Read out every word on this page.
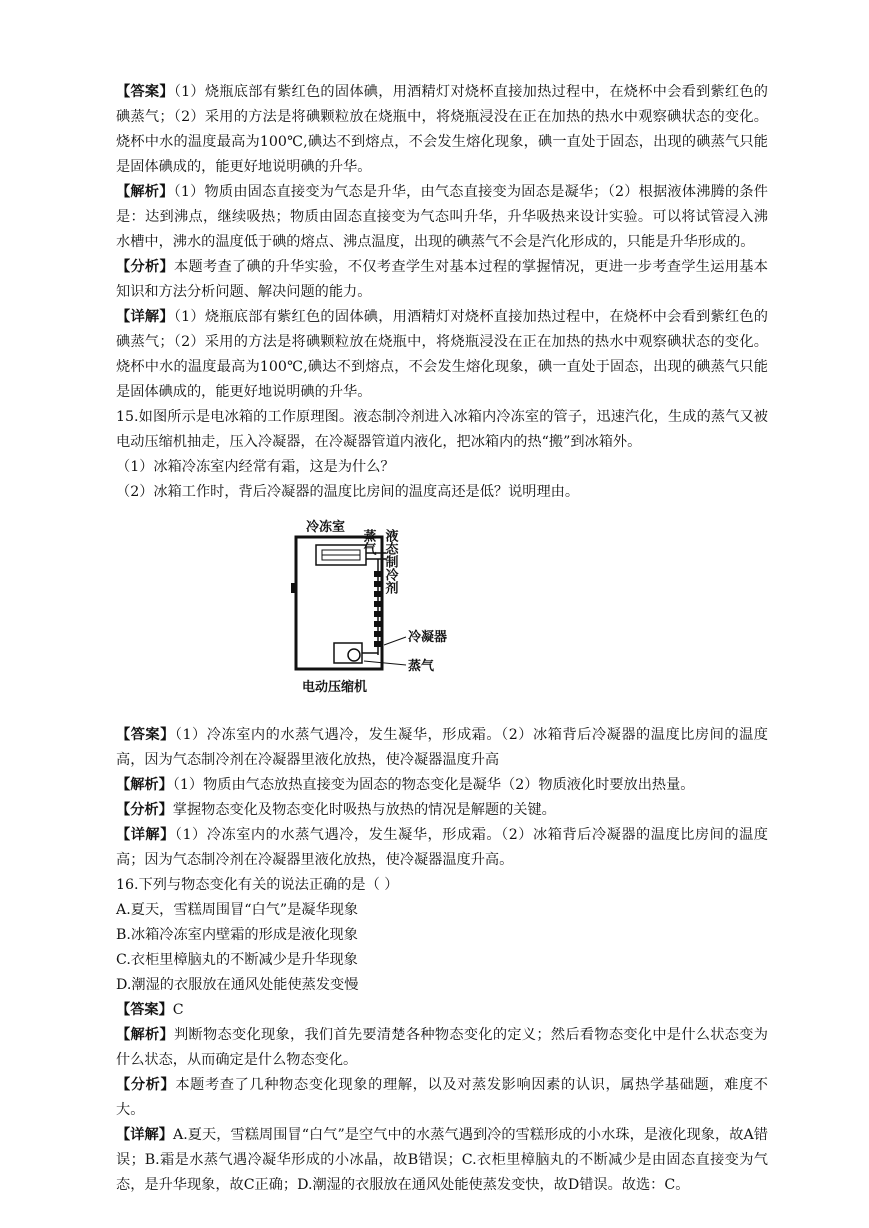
【答案】（1）烧瓶底部有紫红色的固体碘，用酒精灯对烧杯直接加热过程中，在烧杯中会看到紫红色的碘蒸气；（2）采用的方法是将碘颗粒放在烧瓶中，将烧瓶浸没在正在加热的热水中观察碘状态的变化。烧杯中水的温度最高为100℃,碘达不到熔点，不会发生熔化现象，碘一直处于固态，出现的碘蒸气只能是固体碘成的，能更好地说明碘的升华。

【解析】（1）物质由固态直接变为气态是升华，由气态直接变为固态是凝华；（2）根据液体沸腾的条件是：达到沸点，继续吸热；物质由固态直接变为气态叫升华，升华吸热来设计实验。可以将试管浸入沸水槽中，沸水的温度低于碘的熔点、沸点温度，出现的碘蒸气不会是汽化形成的，只能是升华形成的。

【分析】本题考查了碘的升华实验，不仅考查学生对基本过程的掌握情况，更进一步考查学生运用基本知识和方法分析问题、解决问题的能力。

【详解】（1）烧瓶底部有紫红色的固体碘，用酒精灯对烧杯直接加热过程中，在烧杯中会看到紫红色的碘蒸气；（2）采用的方法是将碘颗粒放在烧瓶中，将烧瓶浸没在正在加热的热水中观察碘状态的变化。烧杯中水的温度最高为100℃,碘达不到熔点，不会发生熔化现象，碘一直处于固态，出现的碘蒸气只能是固体碘成的，能更好地说明碘的升华。

15.如图所示是电冰箱的工作原理图。液态制冷剂进入冰箱内冷冻室的管子，迅速汽化，生成的蒸气又被电动压缩机抽走，压入冷凝器，在冷凝器管道内液化，把冰箱内的热“搬”到冰箱外。

（1）冰箱冷冻室内经常有霜，这是为什么？

（2）冰箱工作时，背后冷凝器的温度比房间的温度高还是低？说明理由。

冷冻室
蒸气 液态制冷剂
冷凝器
蒸气
电动压缩机

【答案】（1）冷冻室内的水蒸气遇冷，发生凝华，形成霜。（2）冰箱背后冷凝器的温度比房间的温度高，因为气态制冷剂在冷凝器里液化放热，使冷凝器温度升高

【解析】（1）物质由气态放热直接变为固态的物态变化是凝华（2）物质液化时要放出热量。

【分析】掌握物态变化及物态变化时吸热与放热的情况是解题的关键。

【详解】（1）冷冻室内的水蒸气遇冷，发生凝华，形成霜。（2）冰箱背后冷凝器的温度比房间的温度高；因为气态制冷剂在冷凝器里液化放热，使冷凝器温度升高。

16.下列与物态变化有关的说法正确的是（ ）

A.夏天，雪糕周围冒“白气”是凝华现象

B.冰箱冷冻室内壁霜的形成是液化现象

C.衣柜里樟脑丸的不断减少是升华现象

D.潮湿的衣服放在通风处能使蒸发变慢

【答案】C

【解析】判断物态变化现象，我们首先要清楚各种物态变化的定义；然后看物态变化中是什么状态变为什么状态，从而确定是什么物态变化。

【分析】本题考查了几种物态变化现象的理解，以及对蒸发影响因素的认识，属热学基础题，难度不大。

【详解】A.夏天，雪糕周围冒“白气”是空气中的水蒸气遇到冷的雪糕形成的小水珠，是液化现象，故A错误；B.霜是水蒸气遇冷凝华形成的小冰晶，故B错误；C.衣柜里樟脑丸的不断减少是由固态直接变为气态，是升华现象，故C正确；D.潮湿的衣服放在通风处能使蒸发变快，故D错误。故选：C。
